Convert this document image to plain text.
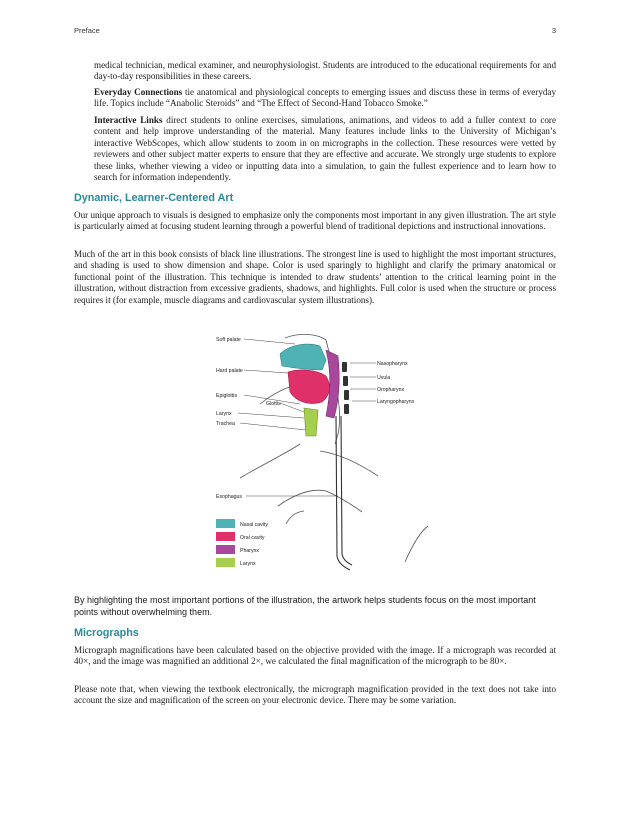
Preface	3

medical technician, medical examiner, and neurophysiologist. Students are introduced to the educational requirements for and day-to-day responsibilities in these careers.

Everyday Connections tie anatomical and physiological concepts to emerging issues and discuss these in terms of everyday life. Topics include “Anabolic Steroids” and “The Effect of Second-Hand Tobacco Smoke.”

Interactive Links direct students to online exercises, simulations, animations, and videos to add a fuller context to core content and help improve understanding of the material. Many features include links to the University of Michigan’s interactive WebScopes, which allow students to zoom in on micrographs in the collection. These resources were vetted by reviewers and other subject matter experts to ensure that they are effective and accurate. We strongly urge students to explore these links, whether viewing a video or inputting data into a simulation, to gain the fullest experience and to learn how to search for information independently.

Dynamic, Learner-Centered Art

Our unique approach to visuals is designed to emphasize only the components most important in any given illustration. The art style is particularly aimed at focusing student learning through a powerful blend of traditional depictions and instructional innovations.

Much of the art in this book consists of black line illustrations. The strongest line is used to highlight the most important structures, and shading is used to show dimension and shape. Color is used sparingly to highlight and clarify the primary anatomical or functional point of the illustration. This technique is intended to draw students’ attention to the critical learning point in the illustration, without distraction from excessive gradients, shadows, and highlights. Full color is used when the structure or process requires it (for example, muscle diagrams and cardiovascular system illustrations).

Soft palate
Hard palate
Epiglottis
Glottis
Larynx
Trachea
Esophagus
Nasopharynx
Uvula
Oropharynx
Laryngopharynx
Nasal cavity
Oral cavity
Pharynx
Larynx

By highlighting the most important portions of the illustration, the artwork helps students focus on the most important points without overwhelming them.

Micrographs

Micrograph magnifications have been calculated based on the objective provided with the image. If a micrograph was recorded at 40×, and the image was magnified an additional 2×, we calculated the final magnification of the micrograph to be 80×.

Please note that, when viewing the textbook electronically, the micrograph magnification provided in the text does not take into account the size and magnification of the screen on your electronic device. There may be some variation.
